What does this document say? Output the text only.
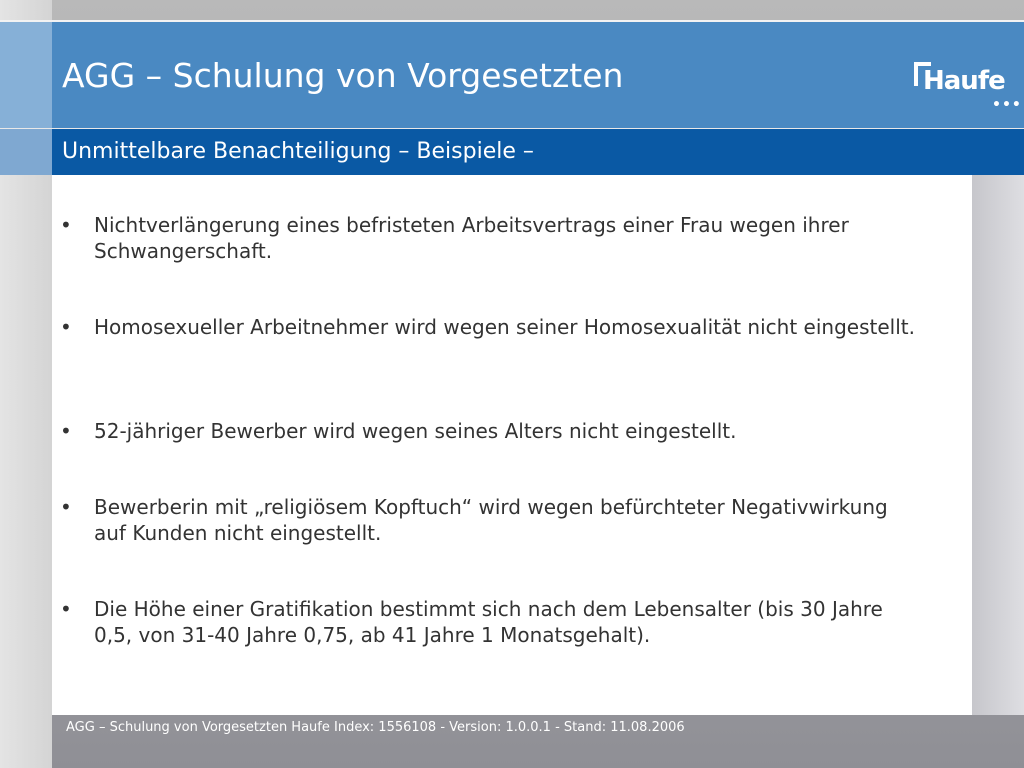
AGG – Schulung von Vorgesetzten	Haufe
•••
Unmittelbare Benachteiligung – Beispiele –
• Nichtverlängerung eines befristeten Arbeitsvertrags einer Frau wegen ihrer Schwangerschaft.
• Homosexueller Arbeitnehmer wird wegen seiner Homosexualität nicht eingestellt.
• 52-jähriger Bewerber wird wegen seines Alters nicht eingestellt.
• Bewerberin mit „religiösem Kopftuch“ wird wegen befürchteter Negativwirkung auf Kunden nicht eingestellt.
• Die Höhe einer Gratifikation bestimmt sich nach dem Lebensalter (bis 30 Jahre 0,5, von 31-40 Jahre 0,75, ab 41 Jahre 1 Monatsgehalt).

AGG – Schulung von Vorgesetzten Haufe Index: 1556108 - Version: 1.0.0.1 - Stand: 11.08.2006
